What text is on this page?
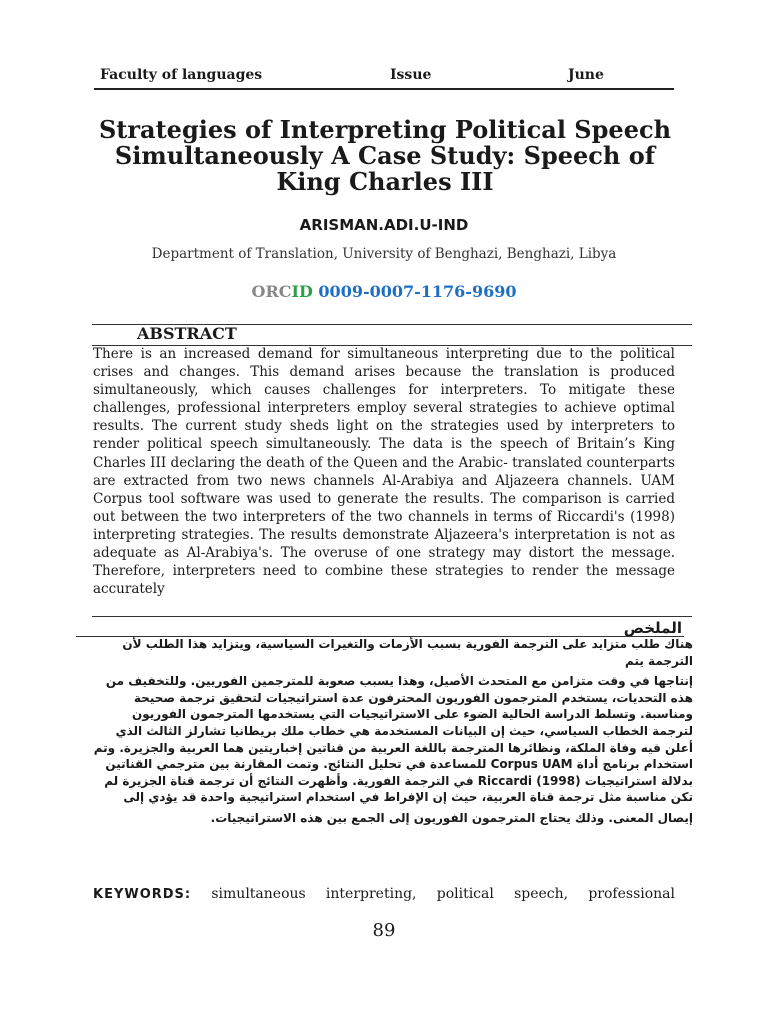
Faculty of languages	Issue	June
Strategies of Interpreting Political Speech Simultaneously A Case Study: Speech of King Charles III
ARISMAN.ADI.U-IND
Department of Translation, University of Benghazi, Benghazi, Libya
ORCID 0009-0007-1176-9690
ABSTRACT
There is an increased demand for simultaneous interpreting due to the political crises and changes. This demand arises because the translation is produced simultaneously, which causes challenges for interpreters. To mitigate these challenges, professional interpreters employ several strategies to achieve optimal results. The current study sheds light on the strategies used by interpreters to render political speech simultaneously. The data is the speech of Britain’s King Charles III declaring the death of the Queen and the Arabic- translated counterparts are extracted from two news channels Al-Arabiya and Aljazeera channels. UAM Corpus tool software was used to generate the results. The comparison is carried out between the two interpreters of the two channels in terms of Riccardi's (1998) interpreting strategies. The results demonstrate Aljazeera's interpretation is not as adequate as Al-Arabiya's. The overuse of one strategy may distort the message. Therefore, interpreters need to combine these strategies to render the message accurately
الملخص

هناك طلب متزايد على الترجمة الفورية بسبب الأزمات والتغيرات السياسية، ويتزايد هذا الطلب لأن الترجمة يتم

إنتاجها في وقت متزامن مع المتحدث الأصيل، وهذا يسبب صعوبة للمترجمين الفوريين. وللتخفيف من هذه التحديات، يستخدم المترجمون الفوريون المحترفون عدة استراتيجيات لتحقيق ترجمة صحيحة ومناسبة. وتسلط الدراسة الحالية الضوء على الاستراتيجيات التي يستخدمها المترجمون الفوريون لترجمة الخطاب السياسي، حيث إن البيانات المستخدمة هي خطاب ملك بريطانيا تشارلز الثالث الذي أعلن فيه وفاة الملكة، ونظائرها المترجمة باللغة العربية من قناتين إخباريتين هما العربية والجزيرة. وتم استخدام برنامج أداة Corpus UAM للمساعدة في تحليل النتائج. وتمت المقارنة بين مترجمي القناتين بدلالة استراتيجيات Riccardi (1998) في الترجمة الفورية. وأظهرت النتائج أن ترجمة قناة الجزيرة لم تكن مناسبة مثل ترجمة قناة العربية، حيث إن الإفراط في استخدام استراتيجية واحدة قد يؤدي إلى

إيصال المعنى. وذلك يحتاج المترجمون الفوريون إلى الجمع بين هذه الاستراتيجيات.

KEYWORDS: simultaneous interpreting, political speech, professional
89
